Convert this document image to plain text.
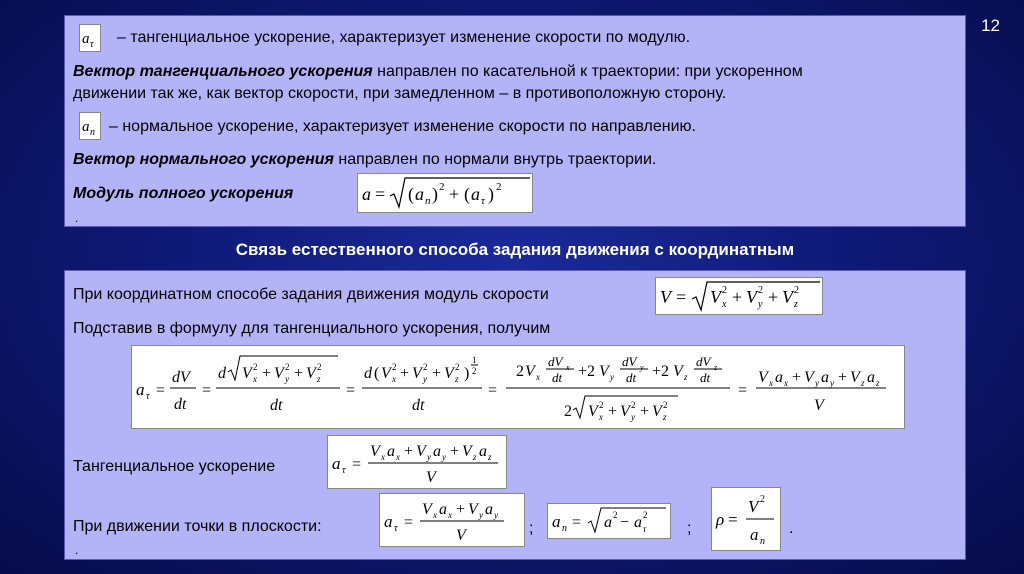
12
a τ – тангенциальное ускорение, характеризует изменение скорости по модулю.
Вектор тангенциального ускорения направлен по касательной к траектории: при ускоренном
движении так же, как вектор скорости, при замедленном – в противоположную сторону.
a n – нормальное ускорение, характеризует изменение скорости по направлению.
Вектор нормального ускорения направлен по нормали внутрь траектории.
Модуль полного ускорения	a = ( a n ) 2 + ( a τ ) 2
.
Связь естественного способа задания движения с координатным
При координатном способе задания движения модуль скорости	V = V x
2 + V y
2 + V z
2
Подставив в формулу для тангенциального ускорения, получим
a τ =
dV
dt
=
d V x
2 + V y
2 + V z
2
dt
=
d ( V x
2 + V y
2 + V z
2 )
1
2
dt
=
2 V x
dV x
dt +2 V y
dV y
dt +2 V z
dV z
dt
2 V x
2 + V y
2 + V z
2
=
V x a x + V y a y + V z a z
V
Тангенциальное ускорение	a τ =
V x a x + V y a y + V z a z
V
При движении точки в плоскости:	a τ =
V x a x + V y a y
V	; a n = a 2 − a 2
τ	; ρ =
V 2
a n
.
.
